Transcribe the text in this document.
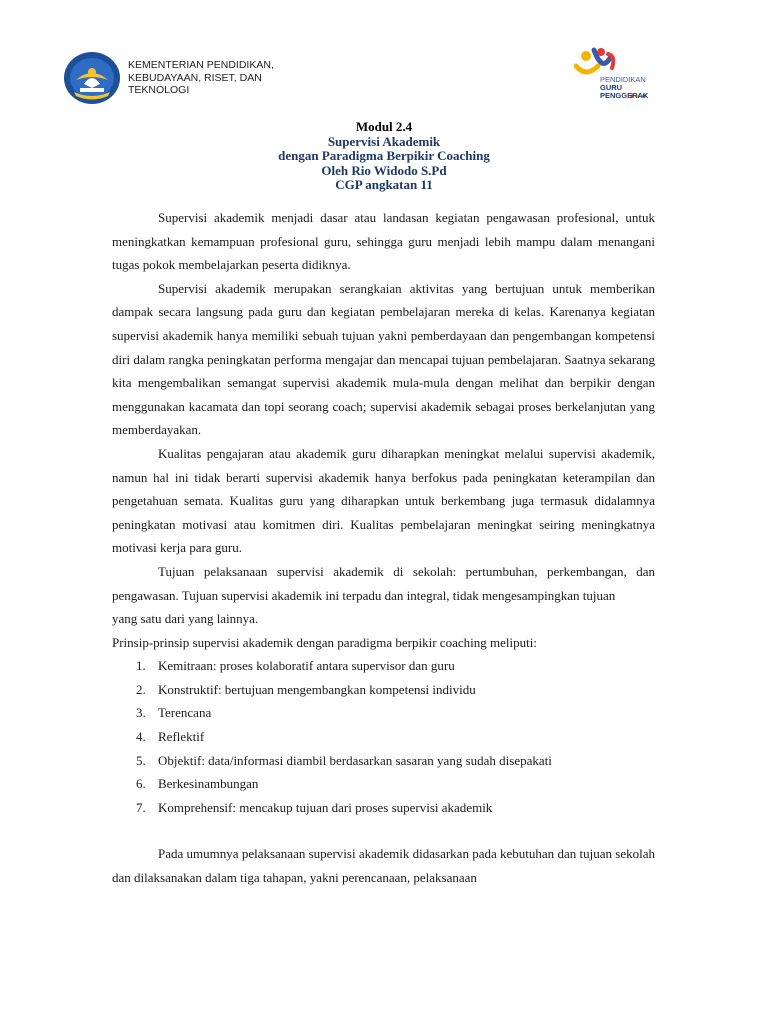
KEMENTERIAN PENDIDIKAN,
KEBUDAYAAN, RISET, DAN
TEKNOLOGI
PENDIDIKAN
GURU
PENGGERAK
Modul 2.4
Supervisi Akademik
dengan Paradigma Berpikir Coaching
Oleh Rio Widodo S.Pd
CGP angkatan 11

Supervisi akademik menjadi dasar atau landasan kegiatan pengawasan profesional, untuk meningkatkan kemampuan profesional guru, sehingga guru menjadi lebih mampu dalam menangani tugas pokok membelajarkan peserta didiknya.

Supervisi akademik merupakan serangkaian aktivitas yang bertujuan untuk memberikan dampak secara langsung pada guru dan kegiatan pembelajaran mereka di kelas. Karenanya kegiatan supervisi akademik hanya memiliki sebuah tujuan yakni pemberdayaan dan pengembangan kompetensi diri dalam rangka peningkatan performa mengajar dan mencapai tujuan pembelajaran. Saatnya sekarang kita mengembalikan semangat supervisi akademik mula-mula dengan melihat dan berpikir dengan menggunakan kacamata dan topi seorang coach; supervisi akademik sebagai proses berkelanjutan yang memberdayakan.

Kualitas pengajaran atau akademik guru diharapkan meningkat melalui supervisi akademik, namun hal ini tidak berarti supervisi akademik hanya berfokus pada peningkatan keterampilan dan pengetahuan semata. Kualitas guru yang diharapkan untuk berkembang juga termasuk didalamnya peningkatan motivasi atau komitmen diri. Kualitas pembelajaran meningkat seiring meningkatnya motivasi kerja para guru.

Tujuan pelaksanaan supervisi akademik di sekolah: pertumbuhan, perkembangan, dan pengawasan. Tujuan supervisi akademik ini terpadu dan integral, tidak mengesampingkan tujuan

yang satu dari yang lainnya.

Prinsip-prinsip supervisi akademik dengan paradigma berpikir coaching meliputi:

1. Kemitraan: proses kolaboratif antara supervisor dan guru
2. Konstruktif: bertujuan mengembangkan kompetensi individu
3. Terencana
4. Reflektif
5. Objektif: data/informasi diambil berdasarkan sasaran yang sudah disepakati
6. Berkesinambungan
7. Komprehensif: mencakup tujuan dari proses supervisi akademik

Pada umumnya pelaksanaan supervisi akademik didasarkan pada kebutuhan dan tujuan sekolah dan dilaksanakan dalam tiga tahapan, yakni perencanaan, pelaksanaan
